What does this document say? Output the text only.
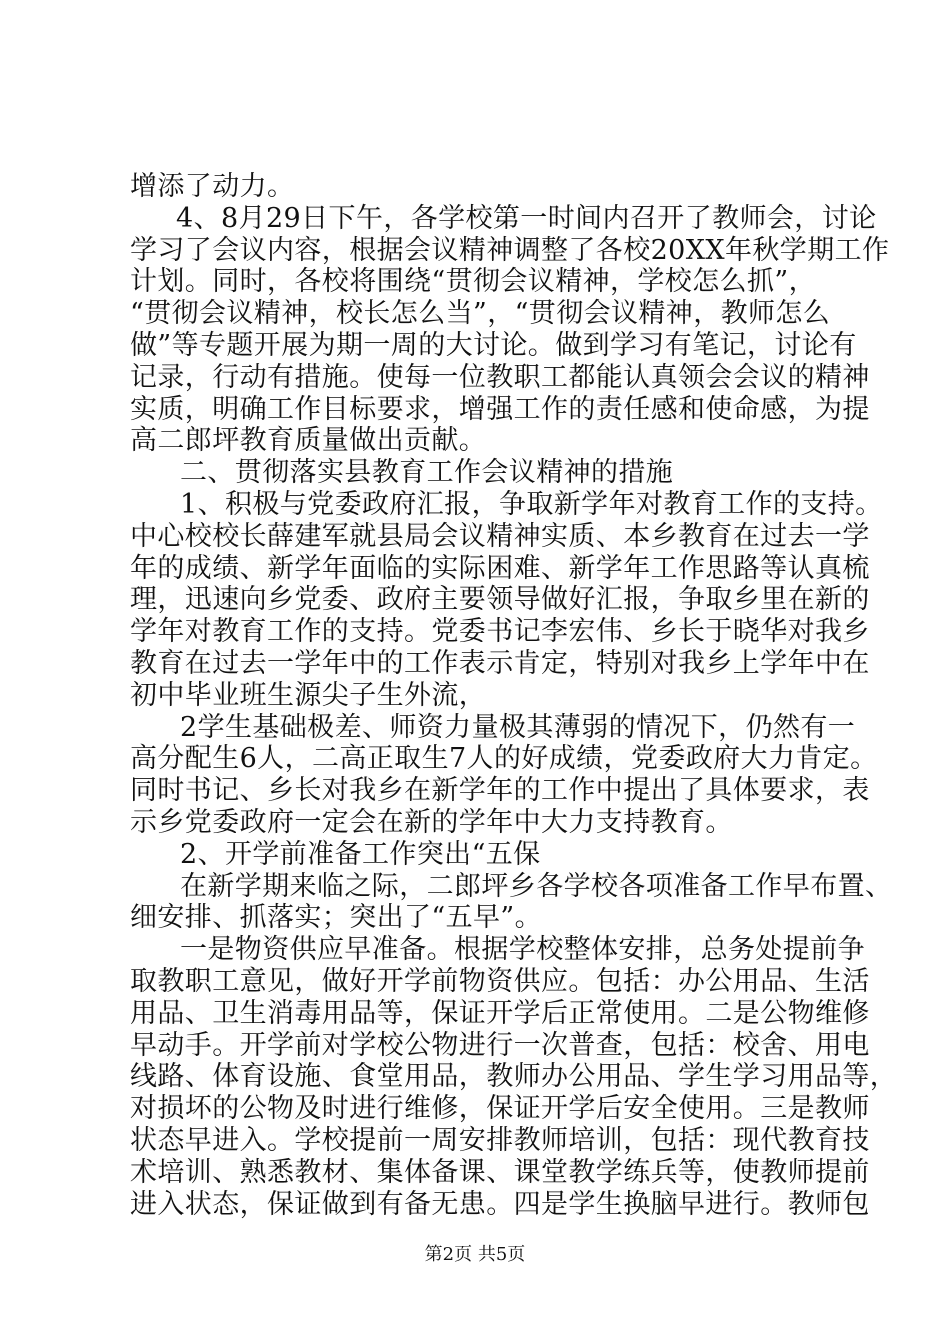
增添了动力。
4、8月29日下午，各学校第一时间内召开了教师会，讨论
学习了会议内容，根据会议精神调整了各校20XX年秋学期工作
计划。同时，各校将围绕“贯彻会议精神，学校怎么抓”，
“贯彻会议精神，校长怎么当”，“贯彻会议精神，教师怎么
做”等专题开展为期一周的大讨论。做到学习有笔记，讨论有
记录，行动有措施。使每一位教职工都能认真领会会议的精神
实质，明确工作目标要求，增强工作的责任感和使命感，为提
高二郎坪教育质量做出贡献。
二、贯彻落实县教育工作会议精神的措施
1、积极与党委政府汇报，争取新学年对教育工作的支持。
中心校校长薛建军就县局会议精神实质、本乡教育在过去一学
年的成绩、新学年面临的实际困难、新学年工作思路等认真梳
理，迅速向乡党委、政府主要领导做好汇报，争取乡里在新的
学年对教育工作的支持。党委书记李宏伟、乡长于晓华对我乡
教育在过去一学年中的工作表示肯定，特别对我乡上学年中在
初中毕业班生源尖子生外流，
2学生基础极差、师资力量极其薄弱的情况下，仍然有一
高分配生6人，二高正取生7人的好成绩，党委政府大力肯定。
同时书记、乡长对我乡在新学年的工作中提出了具体要求，表
示乡党委政府一定会在新的学年中大力支持教育。
2、开学前准备工作突出“五保
在新学期来临之际，二郎坪乡各学校各项准备工作早布置、
细安排、抓落实；突出了“五早”。
一是物资供应早准备。根据学校整体安排，总务处提前争
取教职工意见，做好开学前物资供应。包括：办公用品、生活
用品、卫生消毒用品等，保证开学后正常使用。二是公物维修
早动手。开学前对学校公物进行一次普查，包括：校舍、用电
线路、体育设施、食堂用品，教师办公用品、学生学习用品等，
对损坏的公物及时进行维修，保证开学后安全使用。三是教师
状态早进入。学校提前一周安排教师培训，包括：现代教育技
术培训、熟悉教材、集体备课、课堂教学练兵等，使教师提前
进入状态，保证做到有备无患。四是学生换脑早进行。教师包
第2页 共5页
